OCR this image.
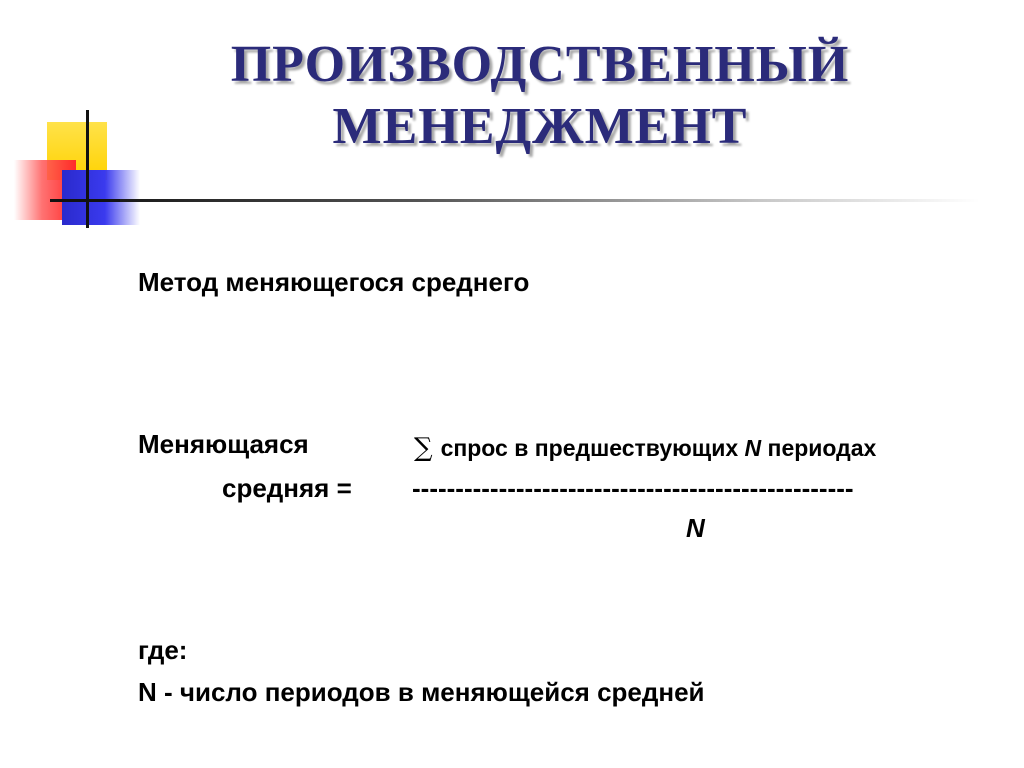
ПРОИЗВОДСТВЕННЫЙ
МЕНЕДЖМЕНТ
Метод меняющегося среднего
Меняющаяся
средняя =
∑ спрос в предшествующих N периодах
---------------------------------------------------
N
где:
N - число периодов в меняющейся средней
